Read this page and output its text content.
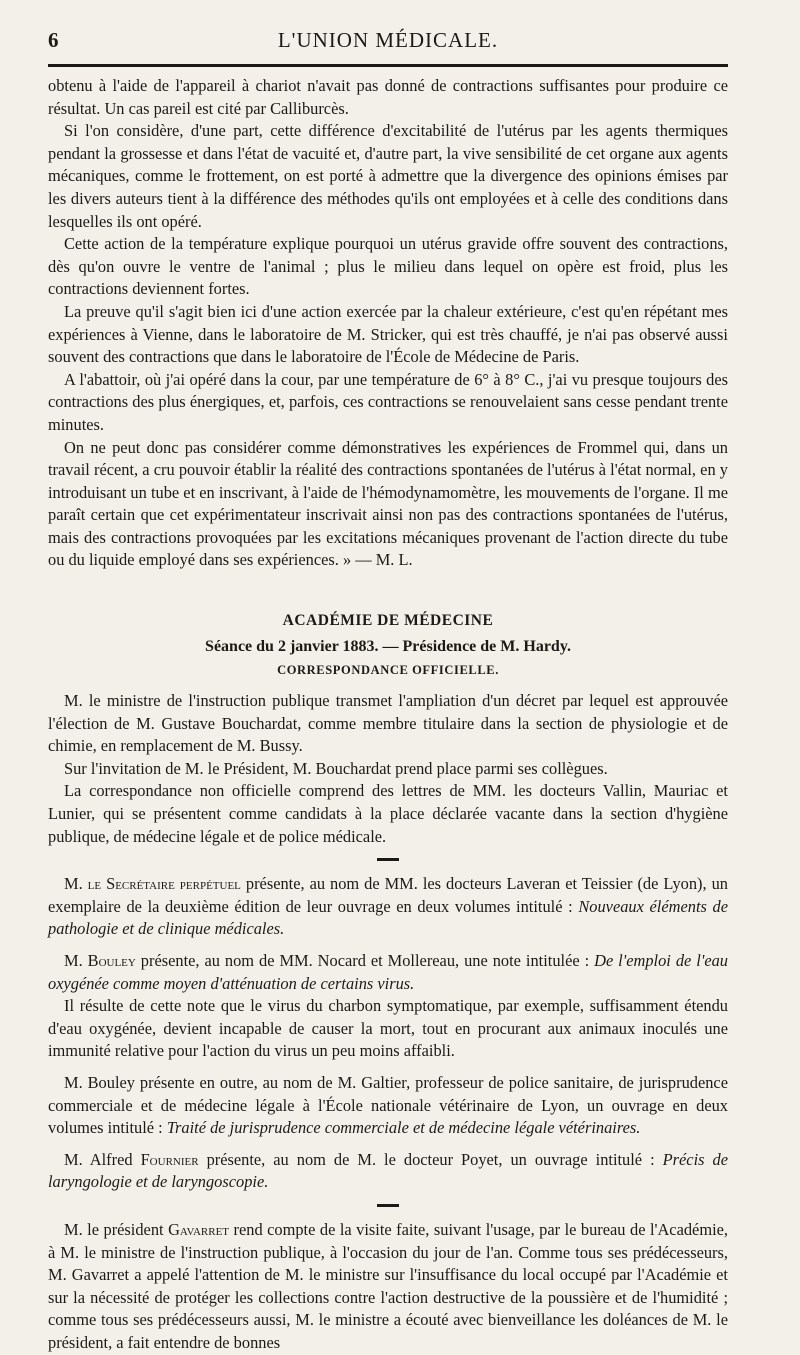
6	L'UNION MÉDICALE.

obtenu à l'aide de l'appareil à chariot n'avait pas donné de contractions suffisantes pour produire ce résultat. Un cas pareil est cité par Calliburcès.

Si l'on considère, d'une part, cette différence d'excitabilité de l'utérus par les agents thermiques pendant la grossesse et dans l'état de vacuité et, d'autre part, la vive sensibilité de cet organe aux agents mécaniques, comme le frottement, on est porté à admettre que la divergence des opinions émises par les divers auteurs tient à la différence des méthodes qu'ils ont employées et à celle des conditions dans lesquelles ils ont opéré.

Cette action de la température explique pourquoi un utérus gravide offre souvent des contractions, dès qu'on ouvre le ventre de l'animal ; plus le milieu dans lequel on opère est froid, plus les contractions deviennent fortes.

La preuve qu'il s'agit bien ici d'une action exercée par la chaleur extérieure, c'est qu'en répétant mes expériences à Vienne, dans le laboratoire de M. Stricker, qui est très chauffé, je n'ai pas observé aussi souvent des contractions que dans le laboratoire de l'École de Médecine de Paris.

A l'abattoir, où j'ai opéré dans la cour, par une température de 6° à 8° C., j'ai vu presque toujours des contractions des plus énergiques, et, parfois, ces contractions se renouvelaient sans cesse pendant trente minutes.

On ne peut donc pas considérer comme démonstratives les expériences de Frommel qui, dans un travail récent, a cru pouvoir établir la réalité des contractions spontanées de l'utérus à l'état normal, en y introduisant un tube et en inscrivant, à l'aide de l'hémodynamomètre, les mouvements de l'organe. Il me paraît certain que cet expérimentateur inscrivait ainsi non pas des contractions spontanées de l'utérus, mais des contractions provoquées par les excitations mécaniques provenant de l'action directe du tube ou du liquide employé dans ses expériences. » — M. L.

ACADÉMIE DE MÉDECINE
Séance du 2 janvier 1883. — Présidence de M. Hardy.
CORRESPONDANCE OFFICIELLE.

M. le ministre de l'instruction publique transmet l'ampliation d'un décret par lequel est approuvée l'élection de M. Gustave Bouchardat, comme membre titulaire dans la section de physiologie et de chimie, en remplacement de M. Bussy.

Sur l'invitation de M. le Président, M. Bouchardat prend place parmi ses collègues.

La correspondance non officielle comprend des lettres de MM. les docteurs Vallin, Mauriac et Lunier, qui se présentent comme candidats à la place déclarée vacante dans la section d'hygiène publique, de médecine légale et de police médicale.

M. le Secrétaire perpétuel présente, au nom de MM. les docteurs Laveran et Teissier (de Lyon), un exemplaire de la deuxième édition de leur ouvrage en deux volumes intitulé : Nouveaux éléments de pathologie et de clinique médicales.

M. Bouley présente, au nom de MM. Nocard et Mollereau, une note intitulée : De l'emploi de l'eau oxygénée comme moyen d'atténuation de certains virus.

Il résulte de cette note que le virus du charbon symptomatique, par exemple, suffisamment étendu d'eau oxygénée, devient incapable de causer la mort, tout en procurant aux animaux inoculés une immunité relative pour l'action du virus un peu moins affaibli.

M. Bouley présente en outre, au nom de M. Galtier, professeur de police sanitaire, de jurisprudence commerciale et de médecine légale à l'École nationale vétérinaire de Lyon, un ouvrage en deux volumes intitulé : Traité de jurisprudence commerciale et de médecine légale vétérinaires.

M. Alfred Fournier présente, au nom de M. le docteur Poyet, un ouvrage intitulé : Précis de laryngologie et de laryngoscopie.

M. le président Gavarret rend compte de la visite faite, suivant l'usage, par le bureau de l'Académie, à M. le ministre de l'instruction publique, à l'occasion du jour de l'an. Comme tous ses prédécesseurs, M. Gavarret a appelé l'attention de M. le ministre sur l'insuffisance du local occupé par l'Académie et sur la nécessité de protéger les collections contre l'action destructive de la poussière et de l'humidité ; comme tous ses prédécesseurs aussi, M. le ministre a écouté avec bienveillance les doléances de M. le président, a fait entendre de bonnes
